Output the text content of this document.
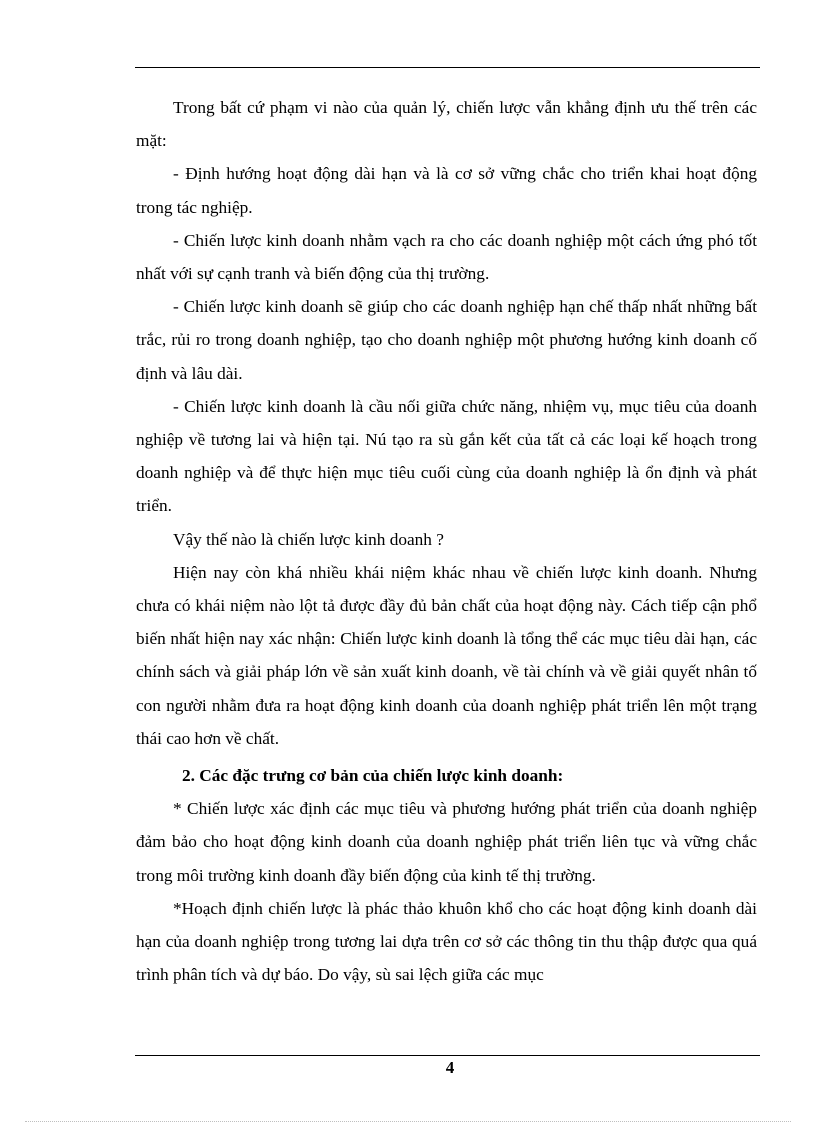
Trong bất cứ phạm vi nào của quản lý, chiến lược vẫn khẳng định ưu thế trên các mặt:

- Định hướng hoạt động dài hạn và là cơ sở vững chắc cho triển khai hoạt động trong tác nghiệp.

- Chiến lược kinh doanh nhằm vạch ra cho các doanh nghiệp một cách ứng phó tốt nhất với sự cạnh tranh và biến động của thị trường.

- Chiến lược kinh doanh sẽ giúp cho các doanh nghiệp hạn chế thấp nhất những bất trắc, rủi ro trong doanh nghiệp, tạo cho doanh nghiệp một phương hướng kinh doanh cố định và lâu dài.

- Chiến lược kinh doanh là cầu nối giữa chức năng, nhiệm vụ, mục tiêu của doanh nghiệp về tương lai và hiện tại. Nú tạo ra sù gắn kết của tất cả các loại kế hoạch trong doanh nghiệp và để thực hiện mục tiêu cuối cùng của doanh nghiệp là ổn định và phát triển.

Vậy thế nào là chiến lược kinh doanh ?

Hiện nay còn khá nhiều khái niệm khác nhau về chiến lược kinh doanh. Nhưng chưa có khái niệm nào lột tả được đầy đủ bản chất của hoạt động này. Cách tiếp cận phổ biến nhất hiện nay xác nhận: Chiến lược kinh doanh là tổng thể các mục tiêu dài hạn, các chính sách và giải pháp lớn về sản xuất kinh doanh, về tài chính và về giải quyết nhân tố con người nhằm đưa ra hoạt động kinh doanh của doanh nghiệp phát triển lên một trạng thái cao hơn về chất.

2. Các đặc trưng cơ bản của chiến lược kinh doanh:

* Chiến lược xác định các mục tiêu và phương hướng phát triển của doanh nghiệp đảm bảo cho hoạt động kinh doanh của doanh nghiệp phát triển liên tục và vững chắc trong môi trường kinh doanh đầy biến động của kinh tế thị trường.

*Hoạch định chiến lược là phác thảo khuôn khổ cho các hoạt động kinh doanh dài hạn của doanh nghiệp trong tương lai dựa trên cơ sở các thông tin thu thập được qua quá trình phân tích và dự báo. Do vậy, sù sai lệch giữa các mục

4
